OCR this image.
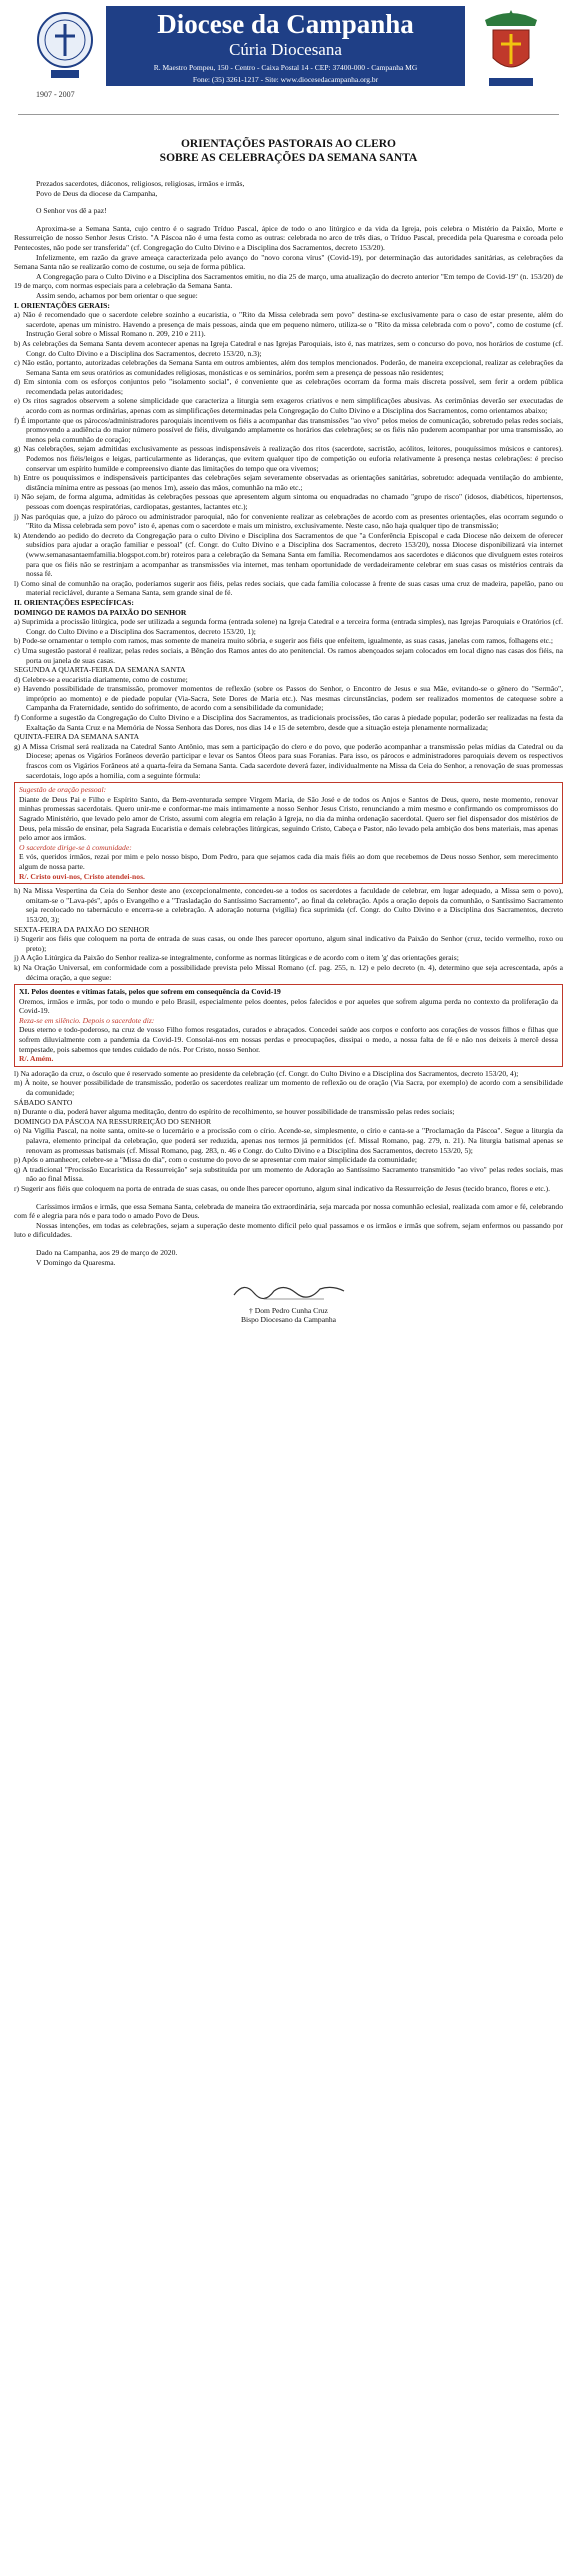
Diocese da Campanha
Cúria Diocesana
R. Maestro Pompeu, 150 - Centro - Caixa Postal 14 - CEP: 37400-000 - Campanha MG
Fone: (35) 3261-1217 - Site: www.diocesedacampanha.org.br
1907 - 2007
ORIENTAÇÕES PASTORAIS AO CLERO
SOBRE AS CELEBRAÇÕES DA SEMANA SANTA

Prezados sacerdotes, diáconos, religiosos, religiosas, irmãos e irmãs,

Povo de Deus da diocese da Campanha,

O Senhor vos dê a paz!

Aproxima-se a Semana Santa, cujo centro é o sagrado Tríduo Pascal, ápice de todo o ano litúrgico e da vida da Igreja, pois celebra o Mistério da Paixão, Morte e Ressurreição de nosso Senhor Jesus Cristo. "A Páscoa não é uma festa como as outras: celebrada no arco de três dias, o Tríduo Pascal, precedida pela Quaresma e coroada pelo Pentecostes, não pode ser transferida" (cf. Congregação do Culto Divino e a Disciplina dos Sacramentos, decreto 153/20).

Infelizmente, em razão da grave ameaça caracterizada pelo avanço do "novo corona vírus" (Covid-19), por determinação das autoridades sanitárias, as celebrações da Semana Santa não se realizarão como de costume, ou seja de forma pública.

A Congregação para o Culto Divino e a Disciplina dos Sacramentos emitiu, no dia 25 de março, uma atualização do decreto anterior "Em tempo de Covid-19" (n. 153/20) de 19 de março, com normas especiais para a celebração da Semana Santa.

Assim sendo, achamos por bem orientar o que segue:

I. ORIENTAÇÕES GERAIS:

a) Não é recomendado que o sacerdote celebre sozinho a eucaristia, o "Rito da Missa celebrada sem povo" destina-se exclusivamente para o caso de estar presente, além do sacerdote, apenas um ministro. Havendo a presença de mais pessoas, ainda que em pequeno número, utiliza-se o "Rito da missa celebrada com o povo", como de costume (cf. Instrução Geral sobre o Missal Romano n. 209, 210 e 211).

b) As celebrações da Semana Santa devem acontecer apenas na Igreja Catedral e nas Igrejas Paroquiais, isto é, nas matrizes, sem o concurso do povo, nos horários de costume (cf. Congr. do Culto Divino e a Disciplina dos Sacramentos, decreto 153/20, n.3);

c) Não estão, portanto, autorizadas celebrações da Semana Santa em outros ambientes, além dos templos mencionados. Poderão, de maneira excepcional, realizar as celebrações da Semana Santa em seus oratórios as comunidades religiosas, monásticas e os seminários, porém sem a presença de pessoas não residentes;

d) Em sintonia com os esforços conjuntos pelo "isolamento social", é conveniente que as celebrações ocorram da forma mais discreta possível, sem ferir a ordem pública recomendada pelas autoridades;

e) Os ritos sagrados observem a solene simplicidade que caracteriza a liturgia sem exageros criativos e nem simplificações abusivas. As cerimônias deverão ser executadas de acordo com as normas ordinárias, apenas com as simplificações determinadas pela Congregação do Culto Divino e a Disciplina dos Sacramentos, como orientamos abaixo;

f) É importante que os párocos/administradores paroquiais incentivem os fiéis a acompanhar das transmissões "ao vivo" pelos meios de comunicação, sobretudo pelas redes sociais, promovendo a audiência do maior número possível de fiéis, divulgando amplamente os horários das celebrações; se os fiéis não puderem acompanhar por uma transmissão, ao menos pela comunhão de coração;

g) Nas celebrações, sejam admitidas exclusivamente as pessoas indispensáveis à realização dos ritos (sacerdote, sacristão, acólitos, leitores, pouquíssimos músicos e cantores). Podemos nos fiéis/leigos e leigas, particularmente as lideranças, que evitem qualquer tipo de competição ou euforia relativamente à presença nestas celebrações: é preciso conservar um espírito humilde e compreensivo diante das limitações do tempo que ora vivemos;

h) Entre os pouquíssimos e indispensáveis participantes das celebrações sejam severamente observadas as orientações sanitárias, sobretudo: adequada ventilação do ambiente, distância mínima entre as pessoas (ao menos 1m), asseio das mãos, comunhão na mão etc.;

i) Não sejam, de forma alguma, admitidas às celebrações pessoas que apresentem algum sintoma ou enquadradas no chamado "grupo de risco" (idosos, diabéticos, hipertensos, pessoas com doenças respiratórias, cardiopatas, gestantes, lactantes etc.);

j) Nas paróquias que, a juízo do pároco ou administrador paroquial, não for conveniente realizar as celebrações de acordo com as presentes orientações, elas ocorram segundo o "Rito da Missa celebrada sem povo" isto é, apenas com o sacerdote e mais um ministro, exclusivamente. Neste caso, não haja qualquer tipo de transmissão;

k) Atendendo ao pedido do decreto da Congregação para o culto Divino e Disciplina dos Sacramentos de que "a Conferência Episcopal e cada Diocese não deixem de oferecer subsídios para ajudar a oração familiar e pessoal" (cf. Congr. do Culto Divino e a Disciplina dos Sacramentos, decreto 153/20), nossa Diocese disponibilizará via internet (www.semanasantaemfamilia.blogspot.com.br) roteiros para a celebração da Semana Santa em família. Recomendamos aos sacerdotes e diáconos que divulguem estes roteiros para que os fiéis não se restrinjam a acompanhar as transmissões via internet, mas tenham oportunidade de verdadeiramente celebrar em suas casas os mistérios centrais da nossa fé.

l) Como sinal de comunhão na oração, poderíamos sugerir aos fiéis, pelas redes sociais, que cada família colocasse à frente de suas casas uma cruz de madeira, papelão, pano ou material reciclável, durante a Semana Santa, sem grande sinal de fé.

II. ORIENTAÇÕES ESPECÍFICAS:

DOMINGO DE RAMOS DA PAIXÃO DO SENHOR

a) Suprimida a procissão litúrgica, pode ser utilizada a segunda forma (entrada solene) na Igreja Catedral e a terceira forma (entrada simples), nas Igrejas Paroquiais e Oratórios (cf. Congr. do Culto Divino e a Disciplina dos Sacramentos, decreto 153/20, 1);

b) Pode-se ornamentar o templo com ramos, mas somente de maneira muito sóbria, e sugerir aos fiéis que enfeitem, igualmente, as suas casas, janelas com ramos, folhagens etc.;

c) Uma sugestão pastoral é realizar, pelas redes sociais, a Bênção dos Ramos antes do ato penitencial. Os ramos abençoados sejam colocados em local digno nas casas dos fiéis, na porta ou janela de suas casas.

SEGUNDA A QUARTA-FEIRA DA SEMANA SANTA

d) Celebre-se a eucaristia diariamente, como de costume;

e) Havendo possibilidade de transmissão, promover momentos de reflexão (sobre os Passos do Senhor, o Encontro de Jesus e sua Mãe, evitando-se o gênero do "Sermão", impróprio ao momento) e de piedade popular (Via-Sacra, Sete Dores de Maria etc.). Nas mesmas circunstâncias, podem ser realizados momentos de catequese sobre a Campanha da Fraternidade, sentido do sofrimento, de acordo com a sensibilidade da comunidade;

f) Conforme a sugestão da Congregação do Culto Divino e a Disciplina dos Sacramentos, as tradicionais procissões, tão caras à piedade popular, poderão ser realizadas na festa da Exaltação da Santa Cruz e na Memória de Nossa Senhora das Dores, nos dias 14 e 15 de setembro, desde que a situação esteja plenamente normalizada;

QUINTA-FEIRA DA SEMANA SANTA

g) A Missa Crismal será realizada na Catedral Santo Antônio, mas sem a participação do clero e do povo, que poderão acompanhar a transmissão pelas mídias da Catedral ou da Diocese; apenas os Vigários Forâneos deverão participar e levar os Santos Óleos para suas Foranias. Para isso, os párocos e administradores paroquiais devem os respectivos frascos com os Vigários Forâneos até a quarta-feira da Semana Santa. Cada sacerdote deverá fazer, individualmente na Missa da Ceia do Senhor, a renovação de suas promessas sacerdotais, logo após a homilia, com a seguinte fórmula:

Sugestão de oração pessoal:

Diante de Deus Pai e Filho e Espírito Santo, da Bem-aventurada sempre Virgem Maria, de São José e de todos os Anjos e Santos de Deus, quero, neste momento, renovar minhas promessas sacerdotais. Quero unir-me e conformar-me mais intimamente a nosso Senhor Jesus Cristo, renunciando a mim mesmo e confirmando os compromissos do Sagrado Ministério, que levado pelo amor de Cristo, assumi com alegria em relação à Igreja, no dia da minha ordenação sacerdotal. Quero ser fiel dispensador dos mistérios de Deus, pela missão de ensinar, pela Sagrada Eucaristia e demais celebrações litúrgicas, seguindo Cristo, Cabeça e Pastor, não levado pela ambição dos bens materiais, mas apenas pelo amor aos irmãos.

O sacerdote dirige-se à comunidade:

E vós, queridos irmãos, rezai por mim e pelo nosso bispo, Dom Pedro, para que sejamos cada dia mais fiéis ao dom que recebemos de Deus nosso Senhor, sem merecimento algum de nossa parte.

R/. Cristo ouvi-nos, Cristo atendei-nos.

h) Na Missa Vespertina da Ceia do Senhor deste ano (excepcionalmente, concedeu-se a todos os sacerdotes a faculdade de celebrar, em lugar adequado, a Missa sem o povo), omitam-se o "Lava-pés", após o Evangelho e a "Trasladação do Santíssimo Sacramento", ao final da celebração. Após a oração depois da comunhão, o Santíssimo Sacramento seja recolocado no tabernáculo e encerra-se a celebração. A adoração noturna (vigília) fica suprimida (cf. Congr. do Culto Divino e a Disciplina dos Sacramentos, decreto 153/20, 3);

SEXTA-FEIRA DA PAIXÃO DO SENHOR

i) Sugerir aos fiéis que coloquem na porta de entrada de suas casas, ou onde lhes parecer oportuno, algum sinal indicativo da Paixão do Senhor (cruz, tecido vermelho, roxo ou preto);

j) A Ação Litúrgica da Paixão do Senhor realiza-se integralmente, conforme as normas litúrgicas e de acordo com o item 'g' das orientações gerais;

k) Na Oração Universal, em conformidade com a possibilidade prevista pelo Missal Romano (cf. pag. 255, n. 12) e pelo decreto (n. 4), determino que seja acrescentada, após a décima oração, a que segue:

XI. Pelos doentes e vítimas fatais, pelos que sofrem em consequência da Covid-19

Oremos, irmãos e irmãs, por todo o mundo e pelo Brasil, especialmente pelos doentes, pelos falecidos e por aqueles que sofrem alguma perda no contexto da proliferação da Covid-19.

Reza-se em silêncio. Depois o sacerdote diz:

Deus eterno e todo-poderoso, na cruz de vosso Filho fomos resgatados, curados e abraçados. Concedei saúde aos corpos e conforto aos corações de vossos filhos e filhas que sofrem diluvialmente com a pandemia da Covid-19. Consolai-nos em nossas perdas e preocupações, dissipai o medo, a nossa falta de fé e não nos deixeis à mercê dessa tempestade, pois sabemos que tendes cuidado de nós. Por Cristo, nosso Senhor.

R/. Amém.

l) Na adoração da cruz, o ósculo que é reservado somente ao presidente da celebração (cf. Congr. do Culto Divino e a Disciplina dos Sacramentos, decreto 153/20, 4);

m) À noite, se houver possibilidade de transmissão, poderão os sacerdotes realizar um momento de reflexão ou de oração (Via Sacra, por exemplo) de acordo com a sensibilidade da comunidade;

SÁBADO SANTO

n) Durante o dia, poderá haver alguma meditação, dentro do espírito de recolhimento, se houver possibilidade de transmissão pelas redes sociais;

DOMINGO DA PÁSCOA NA RESSURREIÇÃO DO SENHOR

o) Na Vigília Pascal, na noite santa, omite-se o lucernário e a procissão com o círio. Acende-se, simplesmente, o círio e canta-se a "Proclamação da Páscoa". Segue a liturgia da palavra, elemento principal da celebração, que poderá ser reduzida, apenas nos termos já permitidos (cf. Missal Romano, pag. 279, n. 21). Na liturgia batismal apenas se renovam as promessas batismais (cf. Missal Romano, pag. 283, n. 46 e Congr. do Culto Divino e a Disciplina dos Sacramentos, decreto 153/20, 5);

p) Após o amanhecer, celebre-se a "Missa do dia", com o costume do povo de se apresentar com maior simplicidade da comunidade;

q) A tradicional "Procissão Eucarística da Ressurreição" seja substituída por um momento de Adoração ao Santíssimo Sacramento transmitido "ao vivo" pelas redes sociais, mas não ao final Missa.

r) Sugerir aos fiéis que coloquem na porta de entrada de suas casas, ou onde lhes parecer oportuno, algum sinal indicativo da Ressurreição de Jesus (tecido branco, flores e etc.).

Caríssimos irmãos e irmãs, que essa Semana Santa, celebrada de maneira tão extraordinária, seja marcada por nossa comunhão eclesial, realizada com amor e fé, celebrando com fé e alegria para nós e para todo o amado Povo de Deus.

Nossas intenções, em todas as celebrações, sejam a superação deste momento difícil pelo qual passamos e os irmãos e irmãs que sofrem, sejam enfermos ou passando por luto e dificuldades.

Dado na Campanha, aos 29 de março de 2020.

V Domingo da Quaresma.

† Dom Pedro Cunha Cruz
Bispo Diocesano da Campanha
